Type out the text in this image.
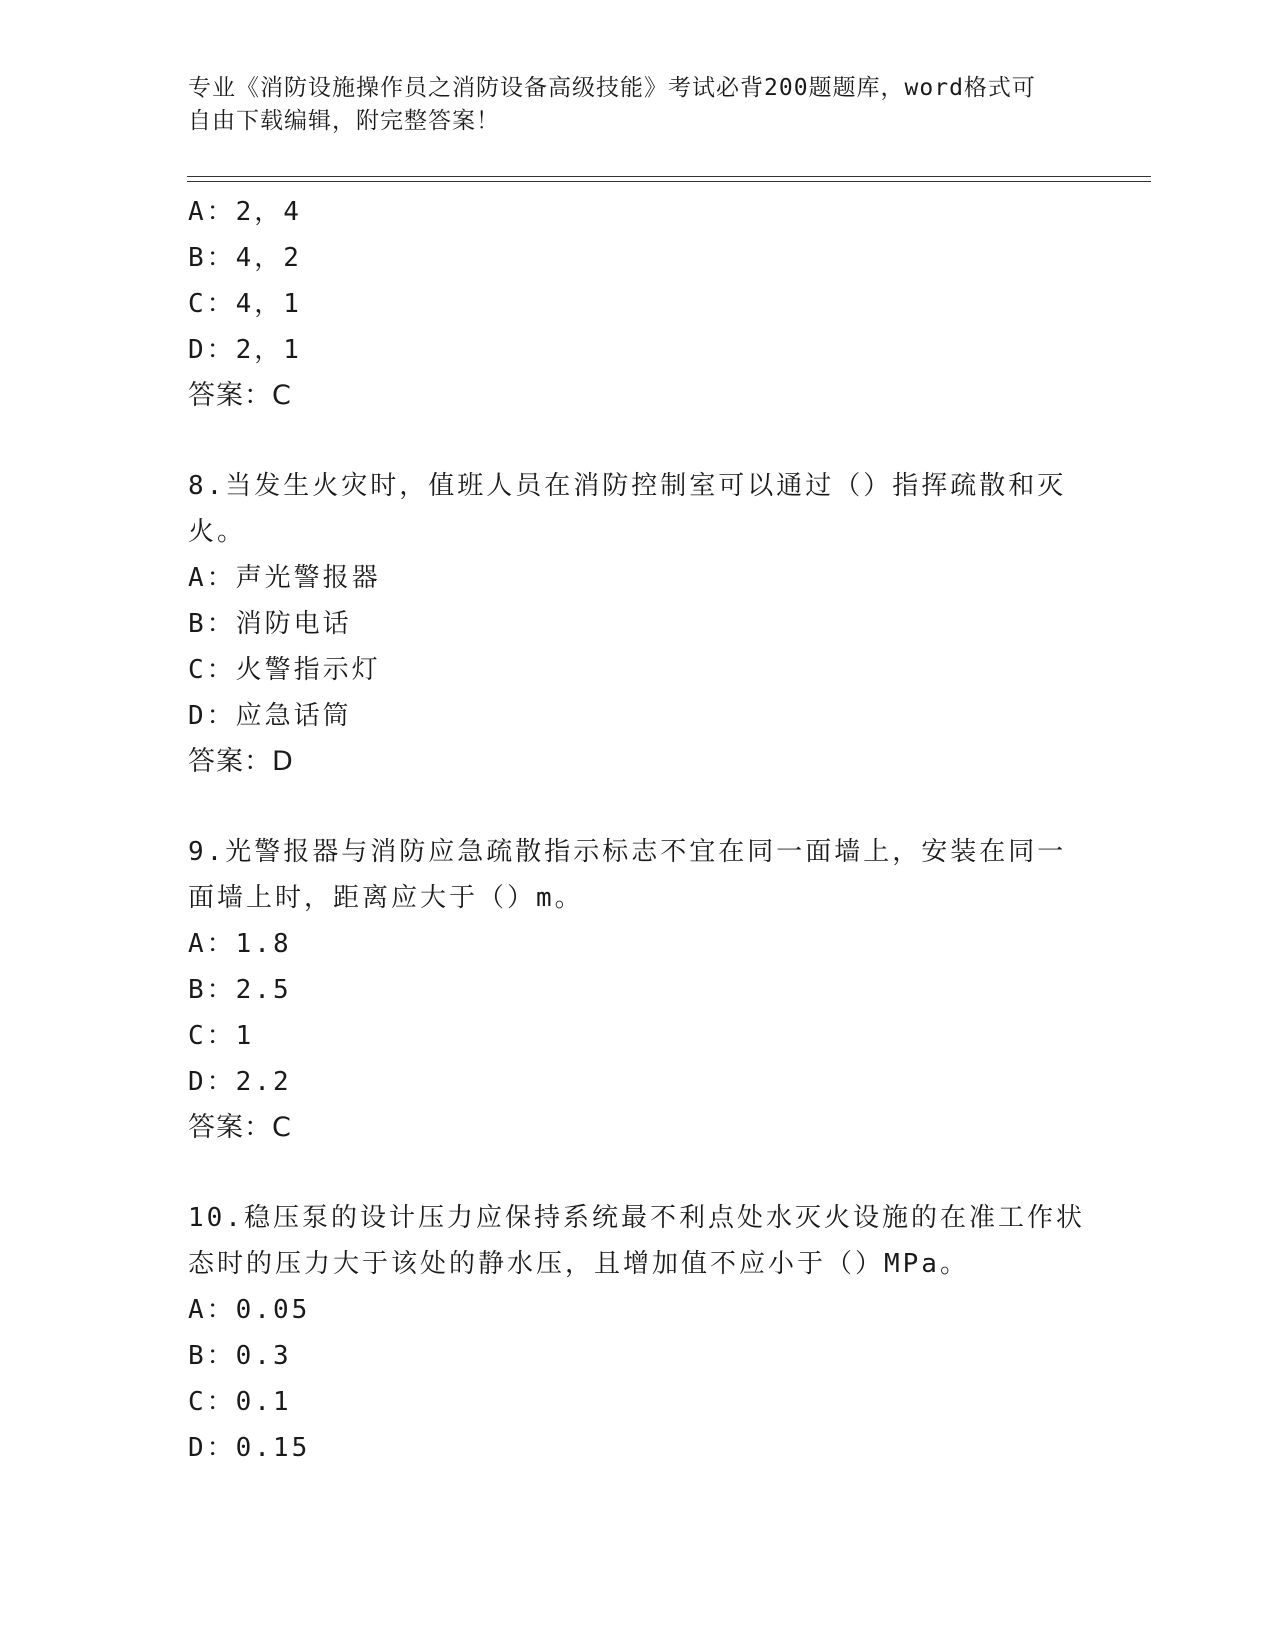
专业《消防设施操作员之消防设备高级技能》考试必背200题题库，word格式可
自由下载编辑，附完整答案！
A：2，4
B：4，2
C：4，1
D：2，1
答案：C
8.当发生火灾时，值班人员在消防控制室可以通过（）指挥疏散和灭
火。
A：声光警报器
B：消防电话
C：火警指示灯
D：应急话筒
答案：D
9.光警报器与消防应急疏散指示标志不宜在同一面墙上，安装在同一
面墙上时，距离应大于（）m。
A：1.8
B：2.5
C：1
D：2.2
答案：C
10.稳压泵的设计压力应保持系统最不利点处水灭火设施的在准工作状
态时的压力大于该处的静水压，且增加值不应小于（）MPa。
A：0.05
B：0.3
C：0.1
D：0.15
